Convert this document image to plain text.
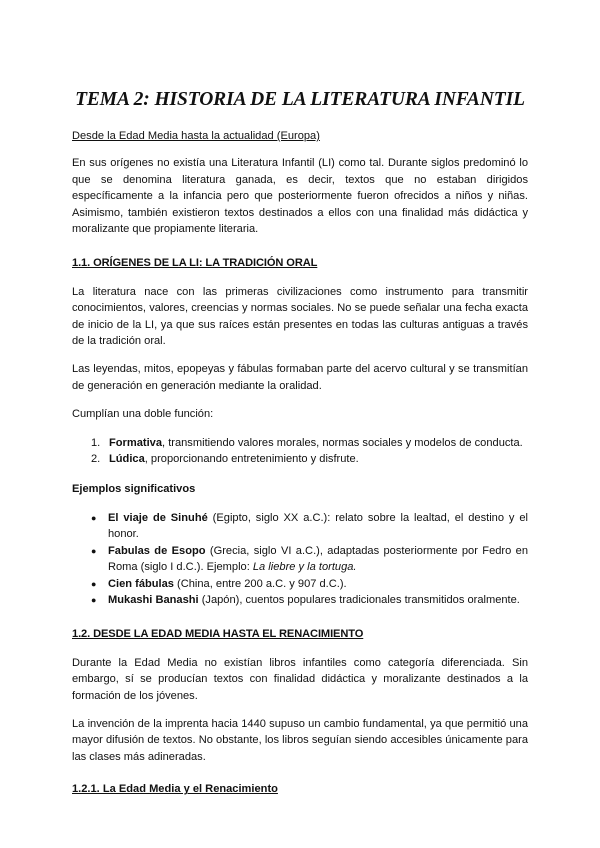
TEMA 2: HISTORIA DE LA LITERATURA INFANTIL

Desde la Edad Media hasta la actualidad (Europa)

En sus orígenes no existía una Literatura Infantil (LI) como tal. Durante siglos predominó lo que se denomina literatura ganada, es decir, textos que no estaban dirigidos específicamente a la infancia pero que posteriormente fueron ofrecidos a niños y niñas. Asimismo, también existieron textos destinados a ellos con una finalidad más didáctica y moralizante que propiamente literaria.

1.1. ORÍGENES DE LA LI: LA TRADICIÓN ORAL

La literatura nace con las primeras civilizaciones como instrumento para transmitir conocimientos, valores, creencias y normas sociales. No se puede señalar una fecha exacta de inicio de la LI, ya que sus raíces están presentes en todas las culturas antiguas a través de la tradición oral.

Las leyendas, mitos, epopeyas y fábulas formaban parte del acervo cultural y se transmitían de generación en generación mediante la oralidad.

Cumplían una doble función:

1. Formativa, transmitiendo valores morales, normas sociales y modelos de conducta.
2. Lúdica, proporcionando entretenimiento y disfrute.

Ejemplos significativos

● El viaje de Sinuhé (Egipto, siglo XX a.C.): relato sobre la lealtad, el destino y el honor.
● Fabulas de Esopo (Grecia, siglo VI a.C.), adaptadas posteriormente por Fedro en Roma (siglo I d.C.). Ejemplo: La liebre y la tortuga.
● Cien fábulas (China, entre 200 a.C. y 907 d.C.).
● Mukashi Banashi (Japón), cuentos populares tradicionales transmitidos oralmente.
1.2. DESDE LA EDAD MEDIA HASTA EL RENACIMIENTO

Durante la Edad Media no existían libros infantiles como categoría diferenciada. Sin embargo, sí se producían textos con finalidad didáctica y moralizante destinados a la formación de los jóvenes.

La invención de la imprenta hacia 1440 supuso un cambio fundamental, ya que permitió una mayor difusión de textos. No obstante, los libros seguían siendo accesibles únicamente para las clases más adineradas.

1.2.1. La Edad Media y el Renacimiento
